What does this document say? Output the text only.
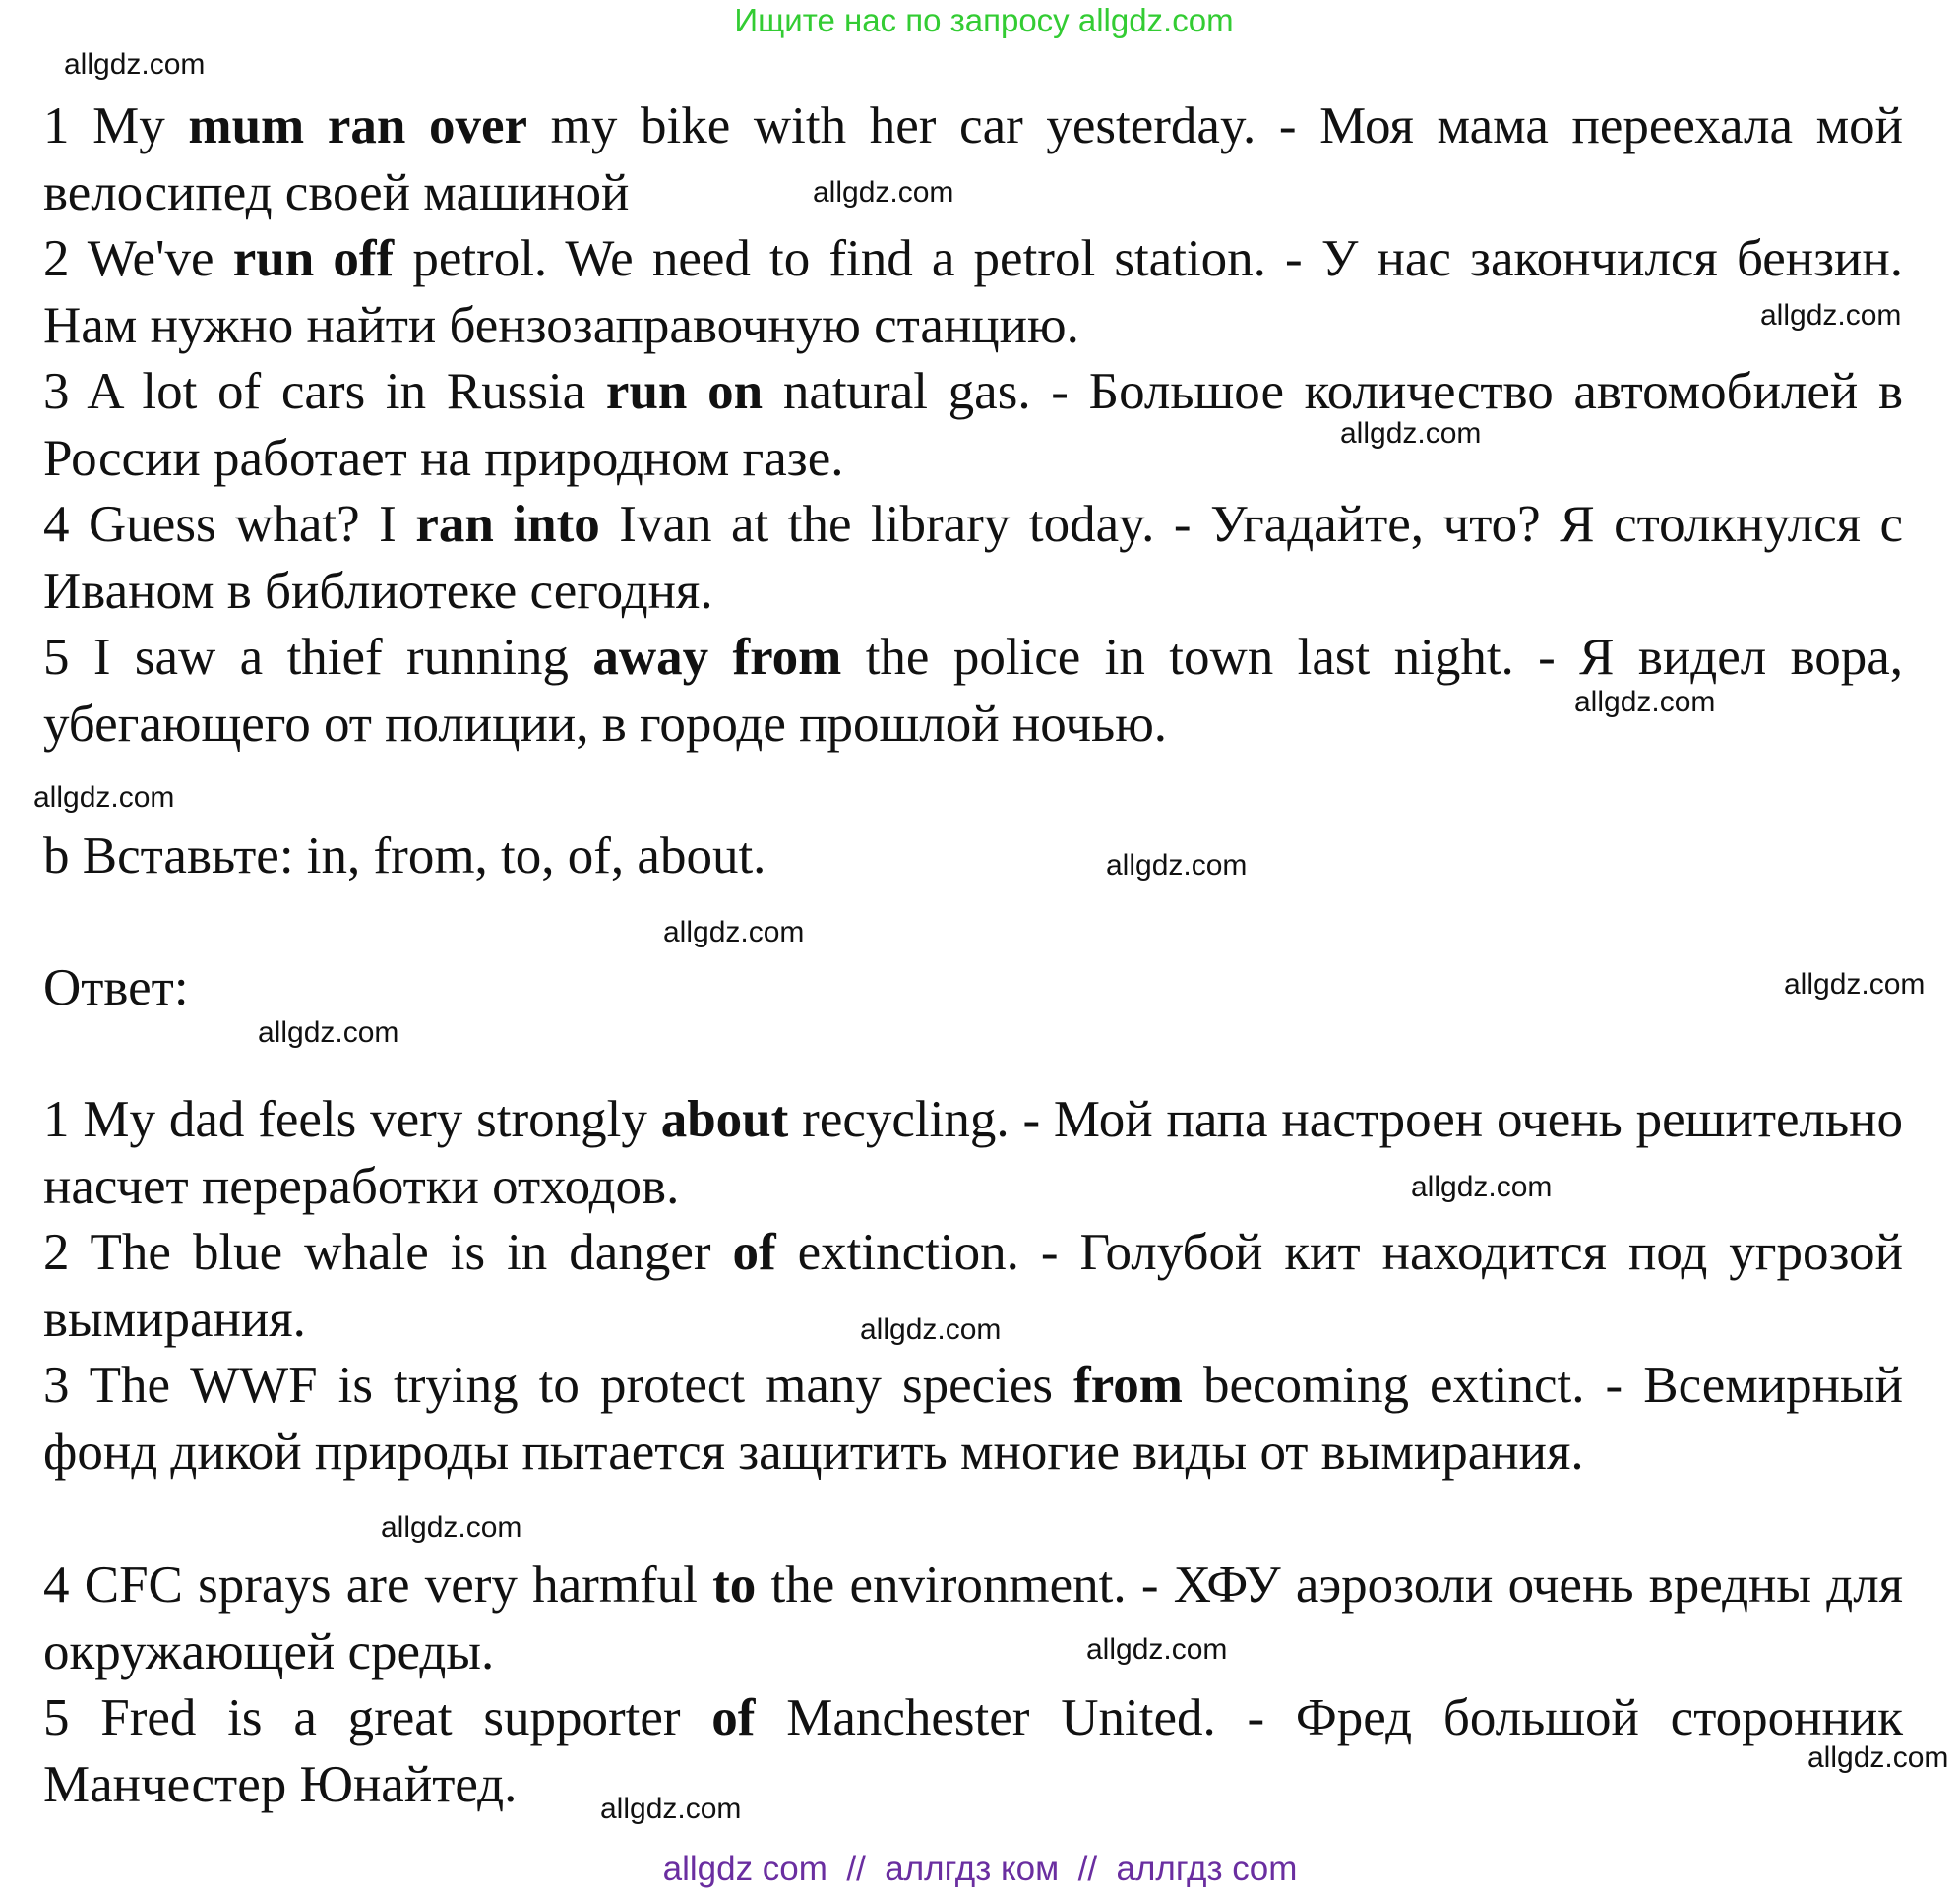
Ищите нас по запросу allgdz.com
1 My mum ran over my bike with her car yesterday. - Моя мама переехала мой велосипед своей машиной
2 We've run off petrol. We need to find a petrol station. - У нас закончился бензин. Нам нужно найти бензозаправочную станцию.
3 A lot of cars in Russia run on natural gas. - Большое количество автомобилей в России работает на природном газе.
4 Guess what? I ran into Ivan at the library today. - Угадайте, что? Я столкнулся с Иваном в библиотеке сегодня.
5 I saw a thief running away from the police in town last night. - Я видел вора, убегающего от полиции, в городе прошлой ночью.
b Вставьте: in, from, to, of, about.
Ответ:
1 My dad feels very strongly about recycling. - Мой папа настроен очень решительно насчет переработки отходов.
2 The blue whale is in danger of extinction. - Голубой кит находится под угрозой вымирания.
3 The WWF is trying to protect many species from becoming extinct. - Всемирный фонд дикой природы пытается защитить многие виды от вымирания.
4 CFC sprays are very harmful to the environment. - ХФУ аэрозоли очень вредны для окружающей среды.
5 Fred is a great supporter of Manchester United. - Фред большой сторонник Манчестер Юнайтед.
allgdz.com
allgdz.com
allgdz.com
allgdz.com
allgdz.com
allgdz.com
allgdz.com
allgdz.com
allgdz.com
allgdz.com
allgdz.com
allgdz.com
allgdz.com
allgdz.com
allgdz.com
allgdz.com
allgdz com  //  аллгдз ком  //  аллгдз com
